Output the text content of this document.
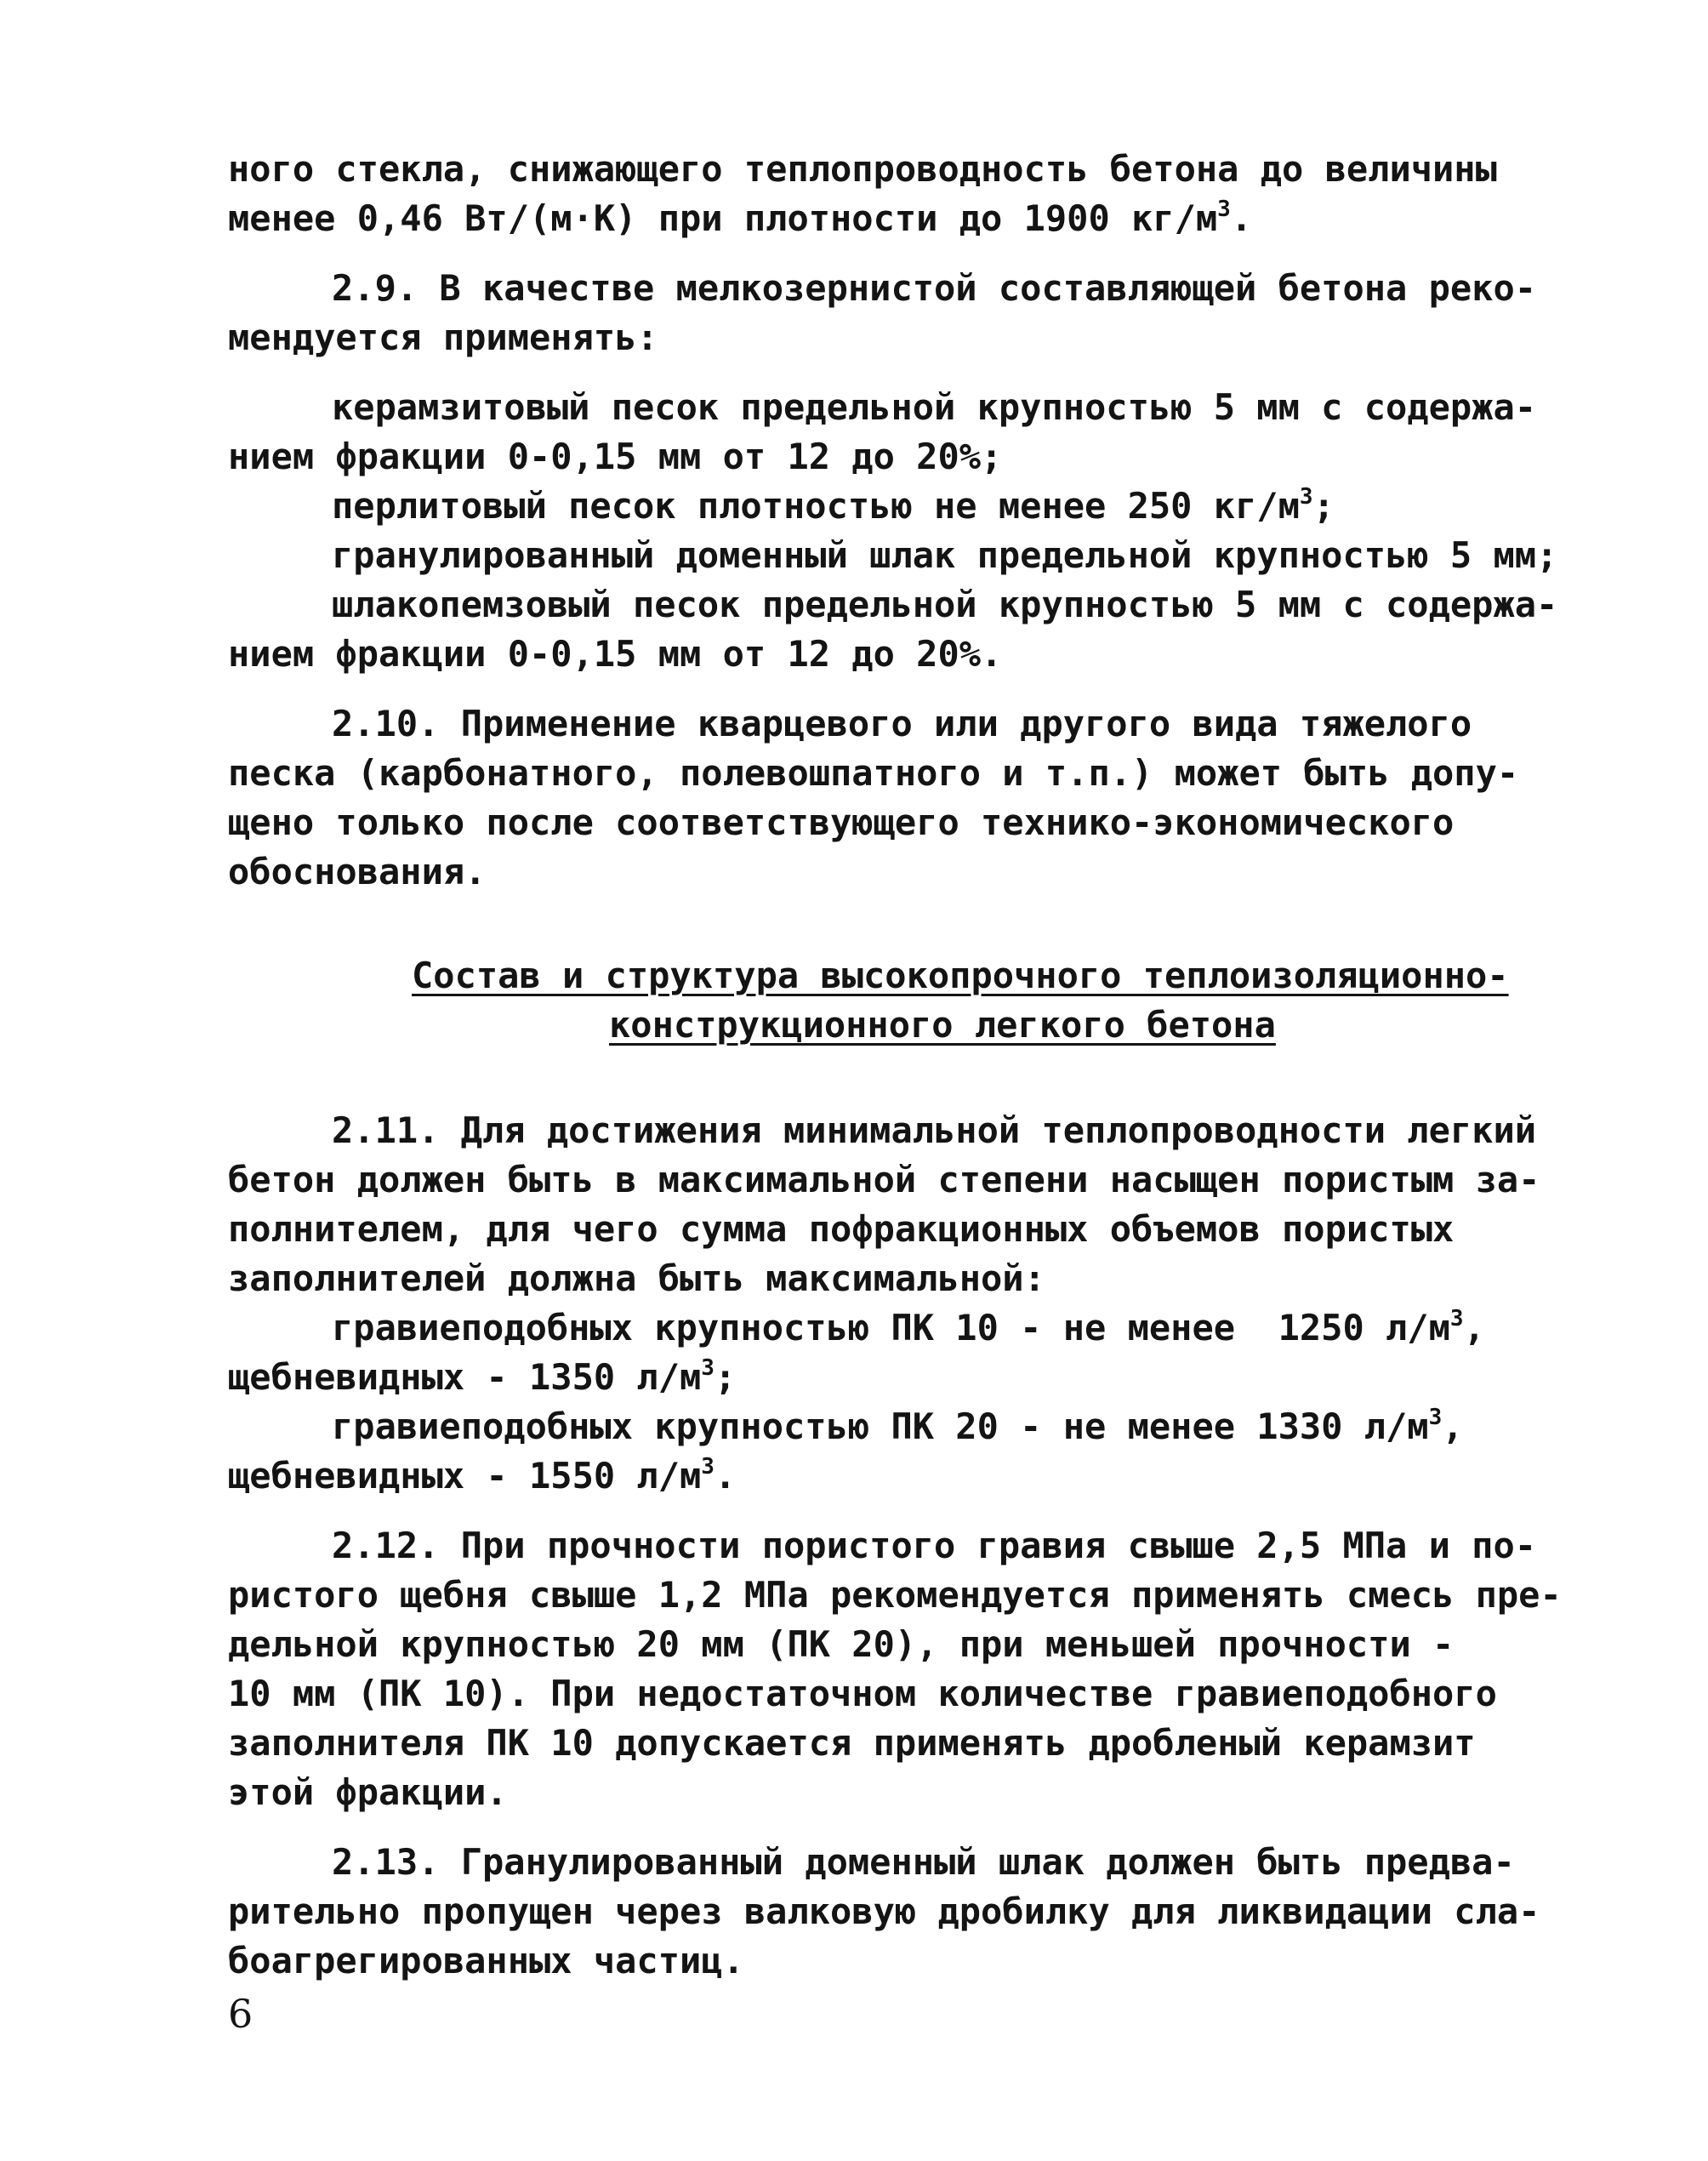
ного стекла, снижающего теплопроводность бетона до величины
менее 0,46 Вт/(м·К) при плотности до 1900 $кг/м^3$.
2.9. В качестве мелкозернистой составляющей бетона реко-
мендуется применять:
керамзитовый песок предельной крупностью 5 мм с содержа-
нием фракции 0-0,15 мм от 12 до 20%;
перлитовый песок плотностью не менее 250 $кг/м^3$;
гранулированный доменный шлак предельной крупностью 5 мм;
шлакопемзовый песок предельной крупностью 5 мм с содержа-
нием фракции 0-0,15 мм от 12 до 20%.
2.10. Применение кварцевого или другого вида тяжелого
песка (карбонатного, полевошпатного и т.п.) может быть допу-
щено только после соответствующего технико-экономического
обоснования.
Состав и структура высокопрочного теплоизоляционно-
конструкционного легкого бетона
2.11. Для достижения минимальной теплопроводности легкий
бетон должен быть в максимальной степени насыщен пористым за-
полнителем, для чего сумма пофракционных объемов пористых
заполнителей должна быть максимальной:
гравиеподобных крупностью ПК 10 - не менее  1250 $л/м^3$,
щебневидных - 1350 $л/м^3$;
гравиеподобных крупностью ПК 20 - не менее 1330 $л/м^3$,
щебневидных - 1550 $л/м^3$.
2.12. При прочности пористого гравия свыше 2,5 МПа и по-
ристого щебня свыше 1,2 МПа рекомендуется применять смесь пре-
дельной крупностью 20 мм (ПК 20), при меньшей прочности -
10 мм (ПК 10). При недостаточном количестве гравиеподобного
заполнителя ПК 10 допускается применять дробленый керамзит
этой фракции.
2.13. Гранулированный доменный шлак должен быть предва-
рительно пропущен через валковую дробилку для ликвидации сла-
боагрегированных частиц.
6
